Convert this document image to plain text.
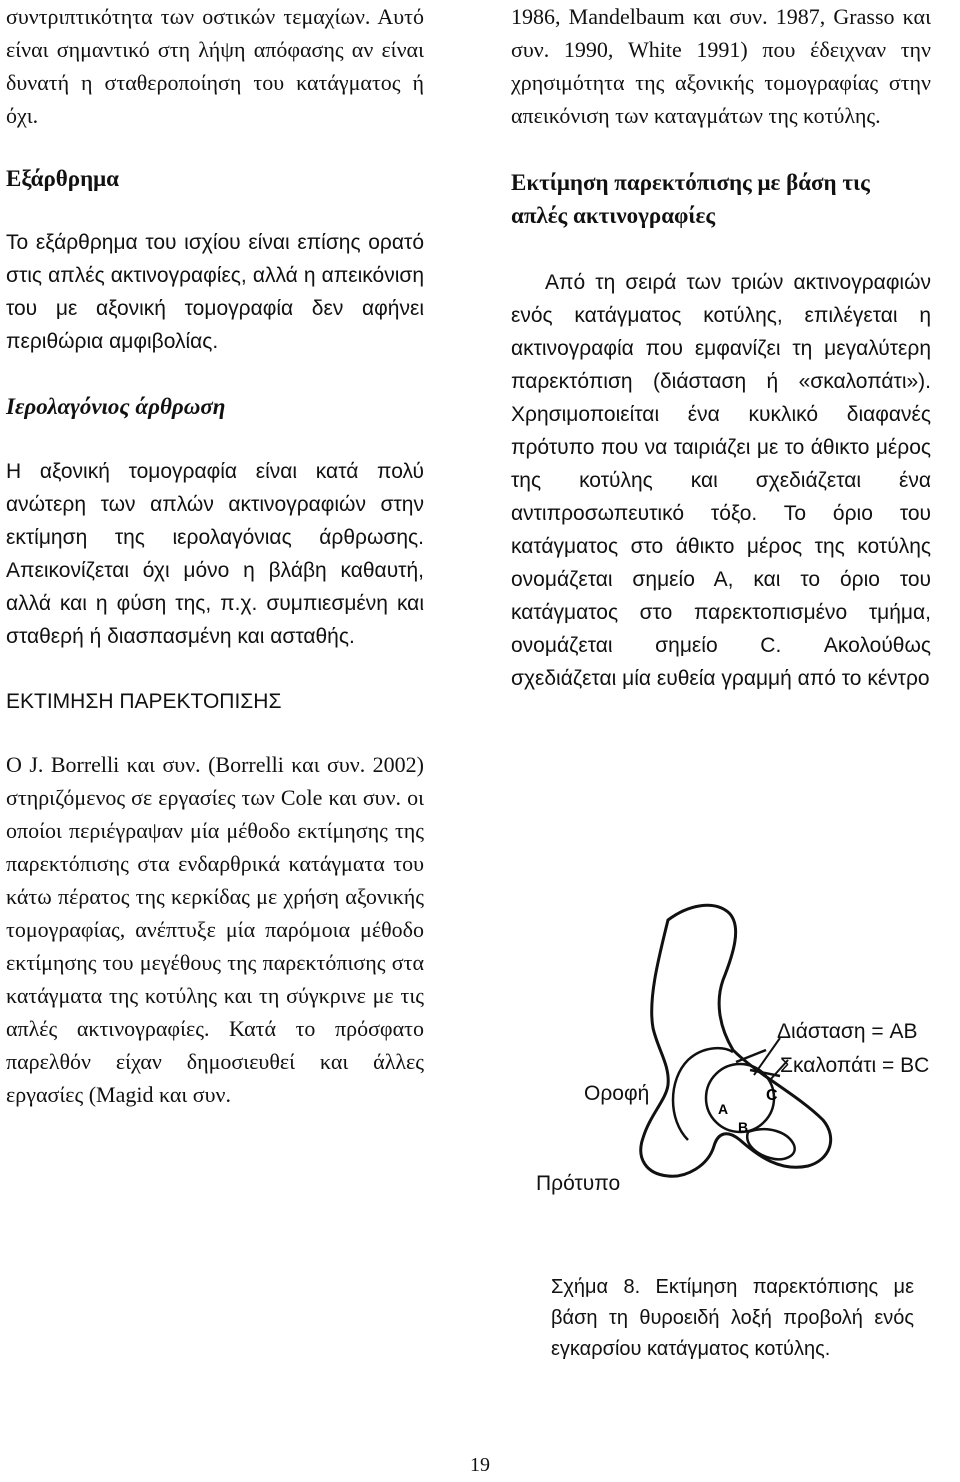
συντριπτικότητα των οστικών τεμαχίων. Αυτό είναι σημαντικό στη λήψη απόφασης αν είναι δυνατή η σταθεροποίηση του κατάγματος ή όχι.

Εξάρθρημα

Το εξάρθρημα του ισχίου είναι επίσης ορατό στις απλές ακτινογραφίες, αλλά η απεικόνιση του με αξονική τομογραφία δεν αφήνει περιθώρια αμφιβολίας.

Ιερολαγόνιος άρθρωση

Η αξονική τομογραφία είναι κατά πολύ ανώτερη των απλών ακτινογραφιών στην εκτίμηση της ιερολαγόνιας άρθρωσης. Απεικονίζεται όχι μόνο η βλάβη καθαυτή, αλλά και η φύση της, π.χ. συμπιεσμένη και σταθερή ή διασπασμένη και ασταθής.

ΕΚΤΙΜΗΣΗ ΠΑΡΕΚΤΟΠΙΣΗΣ

Ο J. Borrelli και συν. (Borrelli και συν. 2002) στηριζόμενος σε εργασίες των Cole και συν. οι οποίοι περιέγραψαν μία μέθοδο εκτίμησης της παρεκτόπισης στα ενδαρθρικά κατάγματα του κάτω πέρατος της κερκίδας με χρήση αξονικής τομογραφίας, ανέπτυξε μία παρόμοια μέθοδο εκτίμησης του μεγέθους της παρεκτόπισης στα κατάγματα της κοτύλης και τη σύγκρινε με τις απλές ακτινογραφίες. Κατά το πρόσφατο παρελθόν είχαν δημοσιευθεί και άλλες εργασίες (Magid και συν.

1986, Mandelbaum και συν. 1987, Grasso και συν. 1990, White 1991) που έδειχναν την χρησιμότητα της αξονικής τομογραφίας στην απεικόνιση των καταγμάτων της κοτύλης.

Εκτίμηση παρεκτόπισης με βάση τις απλές ακτινογραφίες

Από τη σειρά των τριών ακτινογραφιών ενός κατάγματος κοτύλης, επιλέγεται η ακτινογραφία που εμφανίζει τη μεγαλύτερη παρεκτόπιση (διάσταση ή «σκαλοπάτι»). Χρησιμοποιείται ένα κυκλικό διαφανές πρότυπο που να ταιριάζει με το άθικτο μέρος της κοτύλης και σχεδιάζεται ένα αντιπροσωπευτικό τόξο. Το όριο του κατάγματος στο άθικτο μέρος της κοτύλης ονομάζεται σημείο Α, και το όριο του κατάγματος στο παρεκτοπισμένο τμήμα, ονομάζεται σημείο C. Ακολούθως σχεδιάζεται μία ευθεία γραμμή από το κέντρο

A
B
C
Διάσταση = AB
Σκαλοπάτι = BC
Οροφή
Πρότυπο

Σχήμα 8. Εκτίμηση παρεκτόπισης με βάση τη θυροειδή λοξή προβολή ενός εγκαρσίου κατάγματος κοτύλης.

19
